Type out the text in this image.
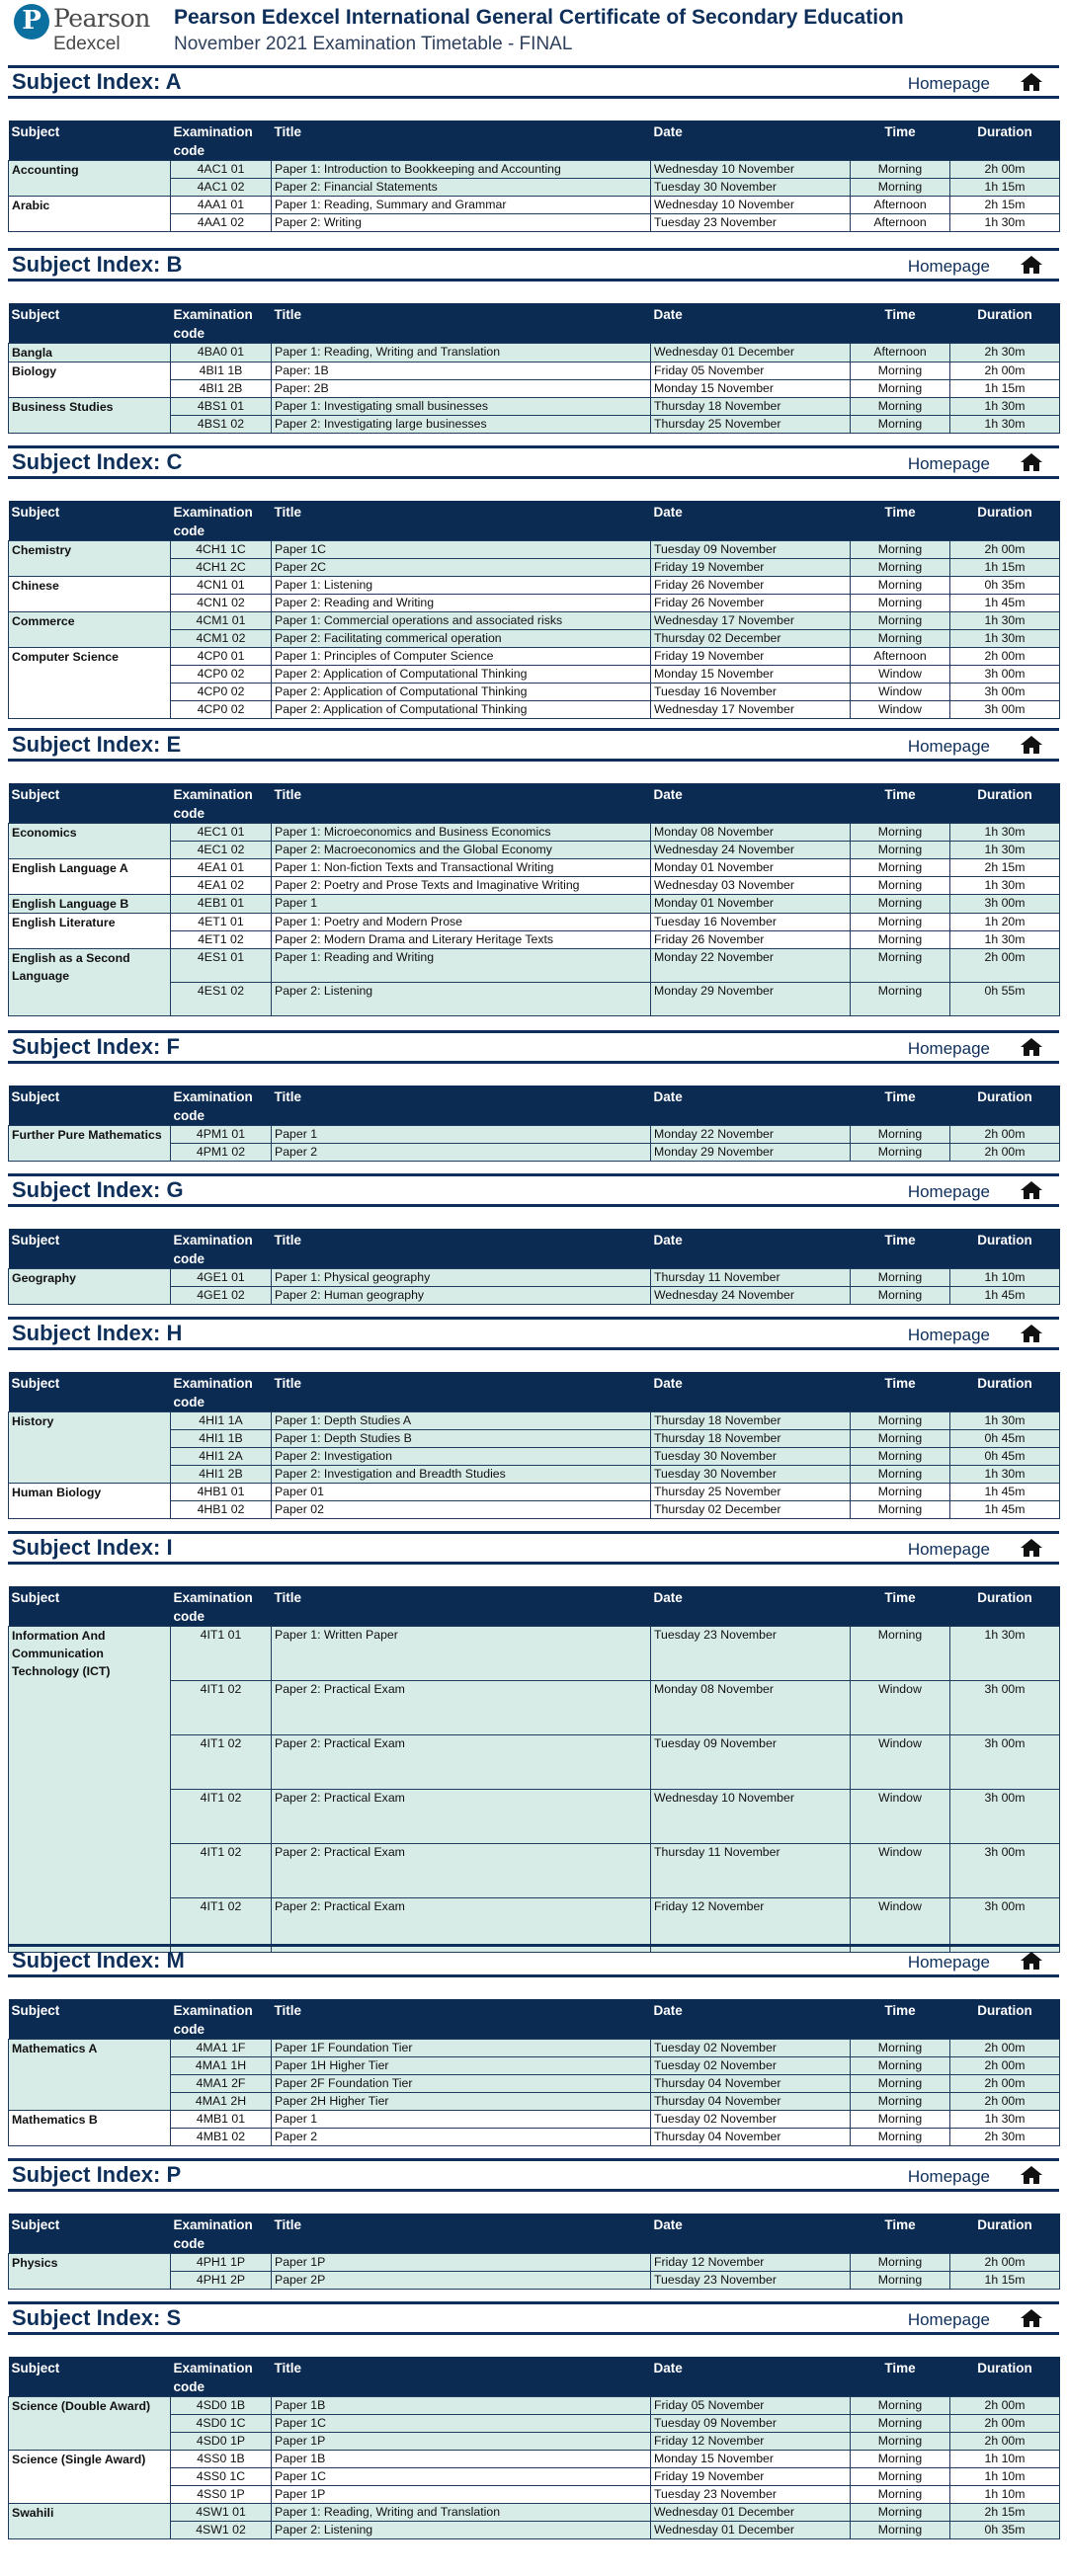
P Pearson
Edexcel
Pearson Edexcel International General Certificate of Secondary Education
November 2021 Examination Timetable - FINAL
Subject Index: A	Homepage
Subject	Examination code	Title	Date	Time	Duration
Accounting	4AC1 01	Paper 1: Introduction to Bookkeeping and Accounting	Wednesday 10 November	Morning	2h 00m
	4AC1 02	Paper 2: Financial Statements	Tuesday 30 November	Morning	1h 15m
Arabic	4AA1 01	Paper 1: Reading, Summary and Grammar	Wednesday 10 November	Afternoon	2h 15m
	4AA1 02	Paper 2: Writing	Tuesday 23 November	Afternoon	1h 30m
Subject Index: B	Homepage
Subject	Examination code	Title	Date	Time	Duration
Bangla	4BA0 01	Paper 1: Reading, Writing and Translation	Wednesday 01 December	Afternoon	2h 30m
Biology	4BI1 1B	Paper: 1B	Friday 05 November	Morning	2h 00m
	4BI1 2B	Paper: 2B	Monday 15 November	Morning	1h 15m
Business Studies	4BS1 01	Paper 1: Investigating small businesses	Thursday 18 November	Morning	1h 30m
	4BS1 02	Paper 2: Investigating large businesses	Thursday 25 November	Morning	1h 30m
Subject Index: C	Homepage
Subject	Examination code	Title	Date	Time	Duration
Chemistry	4CH1 1C	Paper 1C	Tuesday 09 November	Morning	2h 00m
	4CH1 2C	Paper 2C	Friday 19 November	Morning	1h 15m
Chinese	4CN1 01	Paper 1: Listening	Friday 26 November	Morning	0h 35m
	4CN1 02	Paper 2: Reading and Writing	Friday 26 November	Morning	1h 45m
Commerce	4CM1 01	Paper 1: Commercial operations and associated risks	Wednesday 17 November	Morning	1h 30m
	4CM1 02	Paper 2: Facilitating commerical operation	Thursday 02 December	Morning	1h 30m
Computer Science	4CP0 01	Paper 1: Principles of Computer Science	Friday 19 November	Afternoon	2h 00m
	4CP0 02	Paper 2: Application of Computational Thinking	Monday 15 November	Window	3h 00m
	4CP0 02	Paper 2: Application of Computational Thinking	Tuesday 16 November	Window	3h 00m
	4CP0 02	Paper 2: Application of Computational Thinking	Wednesday 17 November	Window	3h 00m
Subject Index: E	Homepage
Subject	Examination code	Title	Date	Time	Duration
Economics	4EC1 01	Paper 1: Microeconomics and Business Economics	Monday 08 November	Morning	1h 30m
	4EC1 02	Paper 2: Macroeconomics and the Global Economy	Wednesday 24 November	Morning	1h 30m
English Language A	4EA1 01	Paper 1: Non-fiction Texts and Transactional Writing	Monday 01 November	Morning	2h 15m
	4EA1 02	Paper 2: Poetry and Prose Texts and Imaginative Writing	Wednesday 03 November	Morning	1h 30m
English Language B	4EB1 01	Paper 1	Monday 01 November	Morning	3h 00m
English Literature	4ET1 01	Paper 1: Poetry and Modern Prose	Tuesday 16 November	Morning	1h 20m
	4ET1 02	Paper 2: Modern Drama and Literary Heritage Texts	Friday 26 November	Morning	1h 30m
English as a Second Language	4ES1 01	Paper 1: Reading and Writing	Monday 22 November	Morning	2h 00m
	4ES1 02	Paper 2: Listening	Monday 29 November	Morning	0h 55m
Subject Index: F	Homepage
Subject	Examination code	Title	Date	Time	Duration
Further Pure Mathematics	4PM1 01	Paper 1	Monday 22 November	Morning	2h 00m
	4PM1 02	Paper 2	Monday 29 November	Morning	2h 00m
Subject Index: G	Homepage
Subject	Examination code	Title	Date	Time	Duration
Geography	4GE1 01	Paper 1: Physical geography	Thursday 11 November	Morning	1h 10m
	4GE1 02	Paper 2: Human geography	Wednesday 24 November	Morning	1h 45m
Subject Index: H	Homepage
Subject	Examination code	Title	Date	Time	Duration
History	4HI1 1A	Paper 1: Depth Studies A	Thursday 18 November	Morning	1h 30m
	4HI1 1B	Paper 1: Depth Studies B	Thursday 18 November	Morning	0h 45m
	4HI1 2A	Paper 2: Investigation	Tuesday 30 November	Morning	0h 45m
	4HI1 2B	Paper 2: Investigation and Breadth Studies	Tuesday 30 November	Morning	1h 30m
Human Biology	4HB1 01	Paper 01	Thursday 25 November	Morning	1h 45m
	4HB1 02	Paper 02	Thursday 02 December	Morning	1h 45m
Subject Index: I	Homepage
Subject	Examination code	Title	Date	Time	Duration
Information And Communication Technology (ICT)	4IT1 01	Paper 1: Written Paper	Tuesday 23 November	Morning	1h 30m
	4IT1 02	Paper 2: Practical Exam	Monday 08 November	Window	3h 00m
	4IT1 02	Paper 2: Practical Exam	Tuesday 09 November	Window	3h 00m
	4IT1 02	Paper 2: Practical Exam	Wednesday 10 November	Window	3h 00m
	4IT1 02	Paper 2: Practical Exam	Thursday 11 November	Window	3h 00m
	4IT1 02	Paper 2: Practical Exam	Friday 12 November	Window	3h 00m
Subject Index: M	Homepage
Subject	Examination code	Title	Date	Time	Duration
Mathematics A	4MA1 1F	Paper 1F Foundation Tier	Tuesday 02 November	Morning	2h 00m
	4MA1 1H	Paper 1H Higher Tier	Tuesday 02 November	Morning	2h 00m
	4MA1 2F	Paper 2F Foundation Tier	Thursday 04 November	Morning	2h 00m
	4MA1 2H	Paper 2H Higher Tier	Thursday 04 November	Morning	2h 00m
Mathematics B	4MB1 01	Paper 1	Tuesday 02 November	Morning	1h 30m
	4MB1 02	Paper 2	Thursday 04 November	Morning	2h 30m
Subject Index: P	Homepage
Subject	Examination code	Title	Date	Time	Duration
Physics	4PH1 1P	Paper 1P	Friday 12 November	Morning	2h 00m
	4PH1 2P	Paper 2P	Tuesday 23 November	Morning	1h 15m
Subject Index: S	Homepage
Subject	Examination code	Title	Date	Time	Duration
Science (Double Award)	4SD0 1B	Paper 1B	Friday 05 November	Morning	2h 00m
	4SD0 1C	Paper 1C	Tuesday 09 November	Morning	2h 00m
	4SD0 1P	Paper 1P	Friday 12 November	Morning	2h 00m
Science (Single Award)	4SS0 1B	Paper 1B	Monday 15 November	Morning	1h 10m
	4SS0 1C	Paper 1C	Friday 19 November	Morning	1h 10m
	4SS0 1P	Paper 1P	Tuesday 23 November	Morning	1h 10m
Swahili	4SW1 01	Paper 1: Reading, Writing and Translation	Wednesday 01 December	Morning	2h 15m
	4SW1 02	Paper 2: Listening	Wednesday 01 December	Morning	0h 35m
